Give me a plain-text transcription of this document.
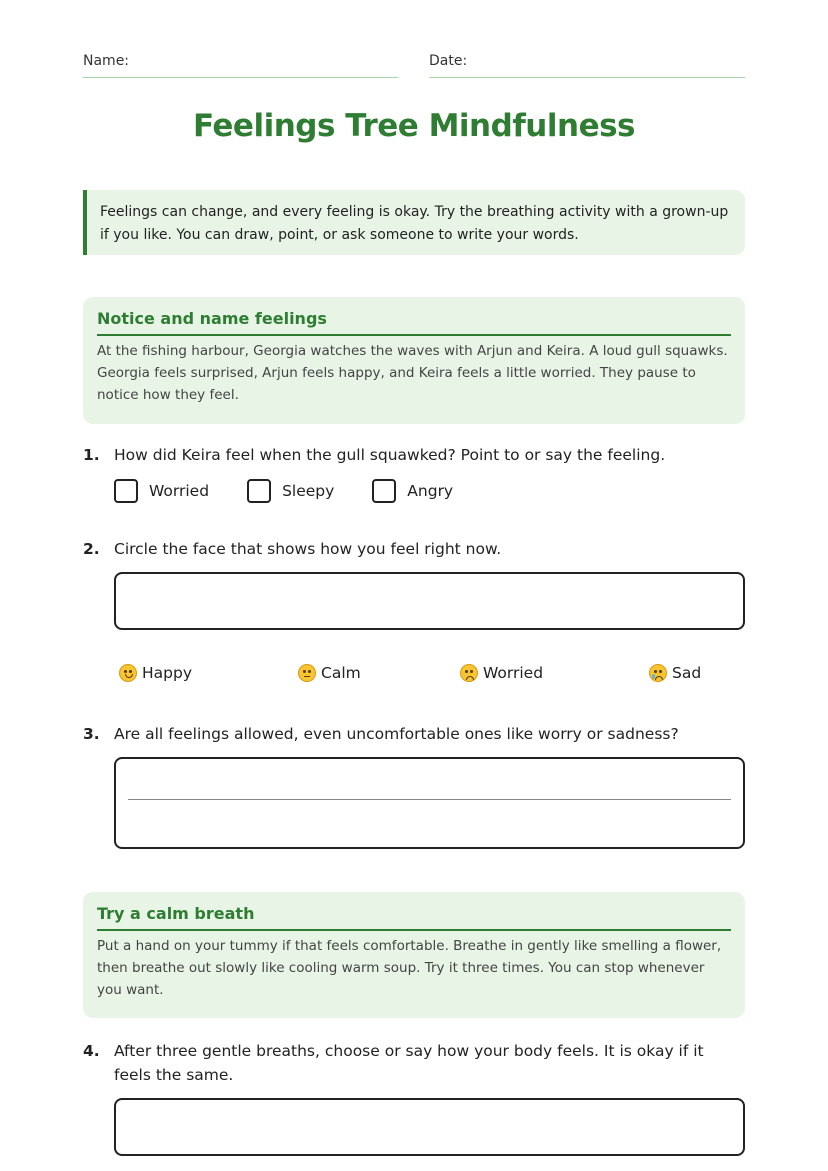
Name:	Date:
Feelings Tree Mindfulness
Feelings can change, and every feeling is okay. Try the breathing activity with a grown-up if you like. You can draw, point, or ask someone to write your words.
Notice and name feelings

At the fishing harbour, Georgia watches the waves with Arjun and Keira. A loud gull squawks. Georgia feels surprised, Arjun feels happy, and Keira feels a little worried. They pause to notice how they feel.

1. How did Keira feel when the gull squawked? Point to or say the feeling.
Worried	Sleepy	Angry
2. Circle the face that shows how you feel right now.
Happy	Calm	Worried	Sad
3. Are all feelings allowed, even uncomfortable ones like worry or sadness?
Try a calm breath

Put a hand on your tummy if that feels comfortable. Breathe in gently like smelling a flower, then breathe out slowly like cooling warm soup. Try it three times. You can stop whenever you want.

4. After three gentle breaths, choose or say how your body feels. It is okay if it feels the same.
